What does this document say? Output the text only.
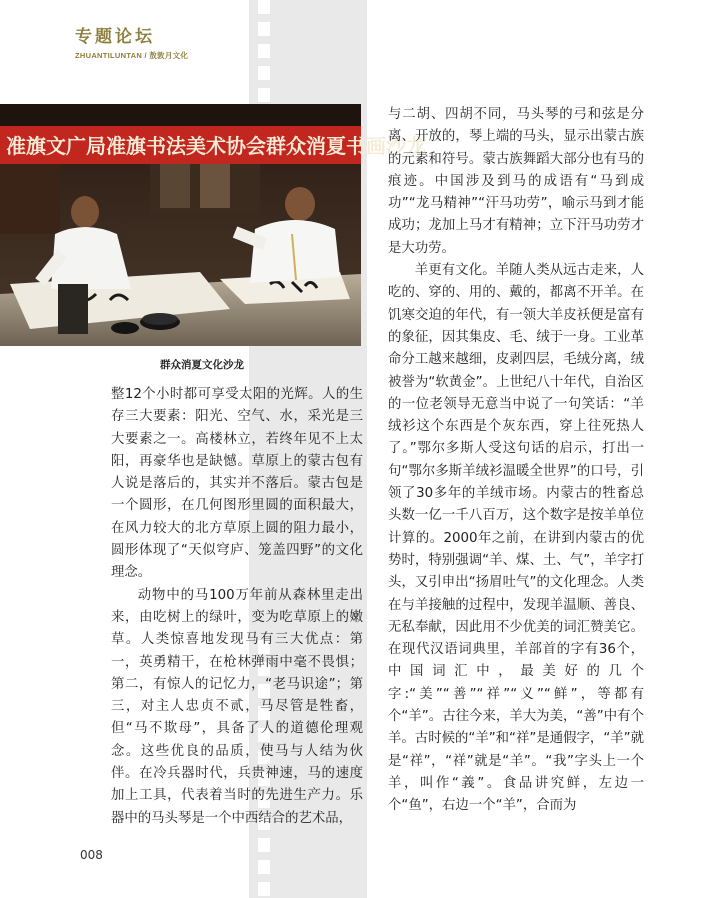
专题论坛
ZHUANTILUNTAN / 敖敦月文化
准旗文广局准旗书法美术协会群众消夏书画沙龙
群众消夏文化沙龙

整12个小时都可享受太阳的光辉。人的生存三大要素：阳光、空气、水，采光是三大要素之一。高楼林立，若终年见不上太阳，再豪华也是缺憾。草原上的蒙古包有人说是落后的，其实并不落后。蒙古包是一个圆形，在几何图形里圆的面积最大，在风力较大的北方草原上圆的阻力最小，圆形体现了“天似穹庐、笼盖四野”的文化理念。

动物中的马100万年前从森林里走出来，由吃树上的绿叶，变为吃草原上的嫩草。人类惊喜地发现马有三大优点：第一，英勇精干，在枪林弹雨中毫不畏惧；第二，有惊人的记忆力，“老马识途”；第三，对主人忠贞不贰，马尽管是牲畜，但“马不欺母”，具备了人的道德伦理观念。这些优良的品质，使马与人结为伙伴。在冷兵器时代，兵贵神速，马的速度加上工具，代表着当时的先进生产力。乐器中的马头琴是一个中西结合的艺术品，

与二胡、四胡不同，马头琴的弓和弦是分离、开放的，琴上端的马头，显示出蒙古族的元素和符号。蒙古族舞蹈大部分也有马的痕迹。中国涉及到马的成语有“马到成功”“龙马精神”“汗马功劳”，喻示马到才能成功；龙加上马才有精神；立下汗马功劳才是大功劳。

羊更有文化。羊随人类从远古走来，人吃的、穿的、用的、戴的，都离不开羊。在饥寒交迫的年代，有一领大羊皮袄便是富有的象征，因其集皮、毛、绒于一身。工业革命分工越来越细，皮剥四层，毛绒分离，绒被誉为“软黄金”。上世纪八十年代，自治区的一位老领导无意当中说了一句笑话：“羊绒衫这个东西是个灰东西，穿上往死热人了。”鄂尔多斯人受这句话的启示，打出一句“鄂尔多斯羊绒衫温暖全世界”的口号，引领了30多年的羊绒市场。内蒙古的牲畜总头数一亿一千八百万，这个数字是按羊单位计算的。2000年之前，在讲到内蒙古的优势时，特别强调“羊、煤、土、气”，羊字打头，又引申出“扬眉吐气”的文化理念。人类在与羊接触的过程中，发现羊温顺、善良、无私奉献，因此用不少优美的词汇赞美它。在现代汉语词典里，羊部首的字有36个，中国词汇中，最美好的几个字:“美”“善”“祥”“义”“鲜”，等都有个“羊”。古往今来，羊大为美，“善”中有个羊。古时候的“羊”和“祥”是通假字，“羊”就是“祥”，“祥”就是“羊”。“我”字头上一个羊，叫作“義”。食品讲究鲜，左边一个“鱼”，右边一个“羊”，合而为

008
